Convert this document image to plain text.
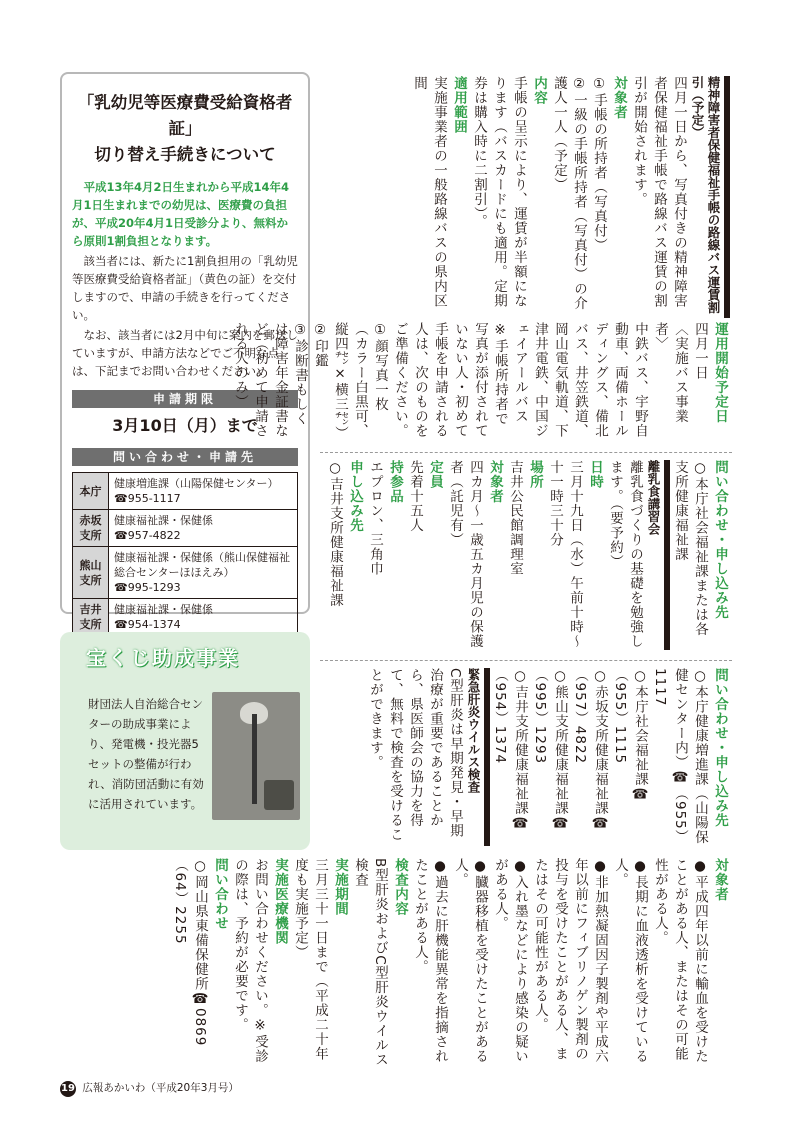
「乳幼児等医療費受給資格者証」
切り替え手続きについて

平成13年4月2日生まれから平成14年4月1日生まれまでの幼児は、医療費の負担が、平成20年4月1日受診分より、無料から原則1割負担となります。

該当者には、新たに1割負担用の「乳幼児等医療費受給資格者証」（黄色の証）を交付しますので、申請の手続きを行ってください。

なお、該当者には2月中旬に案内を郵送していますが、申請方法などでご不明な点は、下記までお問い合わせください。

申請期限
3月10日（月）まで
問い合わせ・申請先
本庁	健康増進課（山陽保健センター）
☎955-1117

赤坂支所	健康福祉課・保健係
☎957-4822

熊山支所	健康福祉課・保健係（熊山保健福祉総合センターほほえみ）
☎995-1293

吉井支所	健康福祉課・保健係
☎954-1374
宝くじ助成事業

財団法人自治総合センターの助成事業により、発電機・投光器5セットの整備が行われ、消防団活動に有効に活用されています。

精神障害者保健福祉手帳の路線バス運賃割引（予定）

四月一日から、写真付きの精神障害者保健福祉手帳で路線バス運賃の割引が開始されます。

対象者

①手帳の所持者（写真付）

②一級の手帳所持者（写真付）の介護人一人（予定）

内容

手帳の呈示により、運賃が半額になります（バスカードにも適用。定期券は購入時に二割引）。

適用範囲

実施事業者の一般路線バスの県内区間

運用開始予定日

四月一日

〈実施バス事業者〉

中鉄バス、宇野自動車、両備ホールディングス、備北バス、井笠鉄道、岡山電気軌道、下津井電鉄、中国ジェイアールバス

※手帳所持者で写真が添付されていない人・初めて手帳を申請される人は、次のものをご準備ください。

①顔写真一枚（カラー白黒可、縦四㌢×横三㌢）

②印鑑

③診断書もしくは障害年金証書など（初めて申請される人のみ）

問い合わせ・申し込み先

○本庁社会福祉課または各支所健康福祉課

離乳食講習会

離乳食づくりの基礎を勉強します。（要予約）

日時

三月十九日（水）午前十時～十一時三十分

場所

吉井公民館調理室

対象者

四カ月～一歳五カ月児の保護者（託児有）

定員

先着十五人

持参品

エプロン、三角巾

申し込み先

○吉井支所健康福祉課

問い合わせ・申し込み先

○本庁健康増進課（山陽保健センター内）☎（955）1117
○本庁社会福祉課☎（955）1115
○赤坂支所健康福祉課☎（957）4822
○熊山支所健康福祉課☎（995）1293
○吉井支所健康福祉課☎（954）1374

緊急肝炎ウイルス検査

C型肝炎は早期発見・早期治療が重要であることから、県医師会の協力を得て、無料で検査を受けることができます。

対象者

●平成四年以前に輸血を受けたことがある人、またはその可能性がある人。

●長期に血液透析を受けている人。

●非加熱凝固因子製剤や平成六年以前にフィブリノゲン製剤の投与を受けたことがある人、またはその可能性がある人。

●入れ墨などにより感染の疑いがある人。

●臓器移植を受けたことがある人。

●過去に肝機能異常を指摘されたことがある人。

検査内容

B型肝炎およびC型肝炎ウイルス検査

実施期間

三月三十一日まで（平成二十年度も実施予定）

実施医療機関

お問い合わせください。※受診の際は、予約が必要です。

問い合わせ

○岡山県東備保健所☎0869（64）2255

19 広報あかいわ（平成20年3月号）
